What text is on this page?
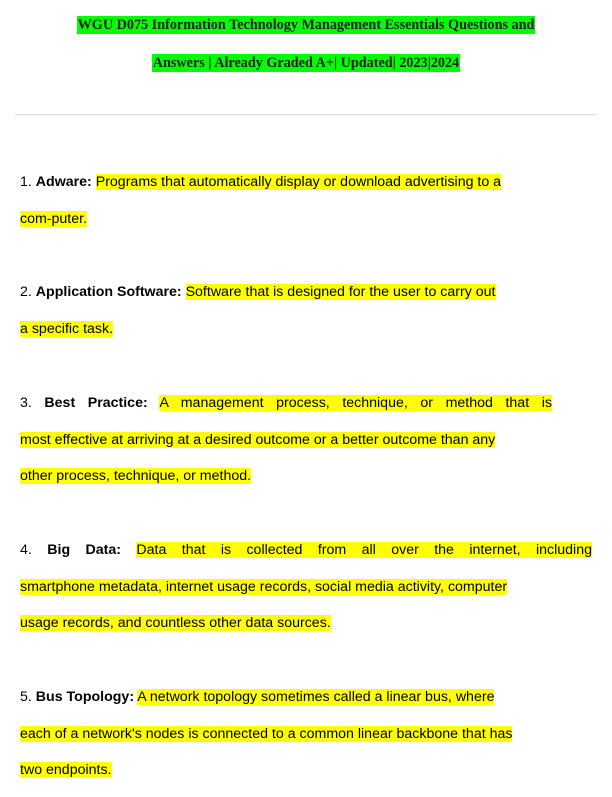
WGU D075 Information Technology Management Essentials Questions and
Answers | Already Graded A+| Updated| 2023|2024
1. Adware: Programs that automatically display or download advertising to a
com-puter.
2. Application Software: Software that is designed for the user to carry out
a specific task.
3. Best Practice: A management process, technique, or method that is
most effective at arriving at a desired outcome or a better outcome than any
other process, technique, or method.
4. Big Data: Data that is collected from all over the internet, including
smartphone metadata, internet usage records, social media activity, computer
usage records, and countless other data sources.
5. Bus Topology: A network topology sometimes called a linear bus, where
each of a network's nodes is connected to a common linear backbone that has
two endpoints.
